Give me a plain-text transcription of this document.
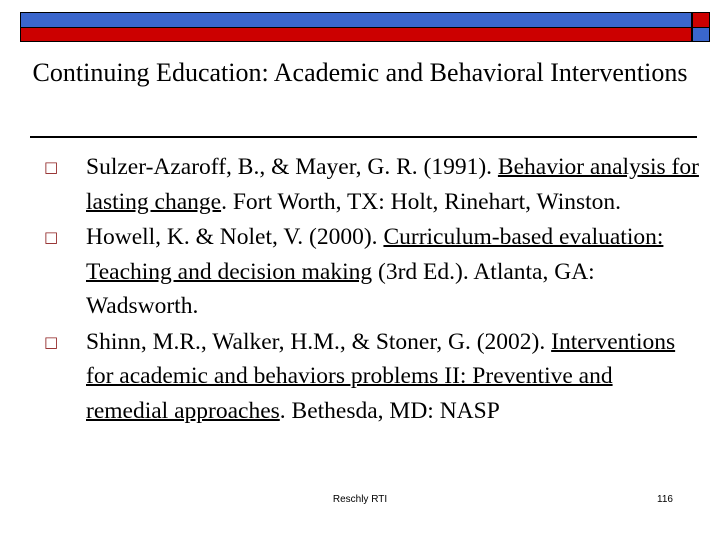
Continuing Education: Academic and Behavioral Interventions
□ Sulzer-Azaroff, B., & Mayer, G. R. (1991). Behavior analysis for lasting change. Fort Worth, TX: Holt, Rinehart, Winston.
□ Howell, K. & Nolet, V. (2000). Curriculum-based evaluation: Teaching and decision making (3rd Ed.). Atlanta, GA: Wadsworth.
□ Shinn, M.R., Walker, H.M., & Stoner, G. (2002). Interventions for academic and behaviors problems II: Preventive and remedial approaches. Bethesda, MD: NASP
Reschly RTI	116
